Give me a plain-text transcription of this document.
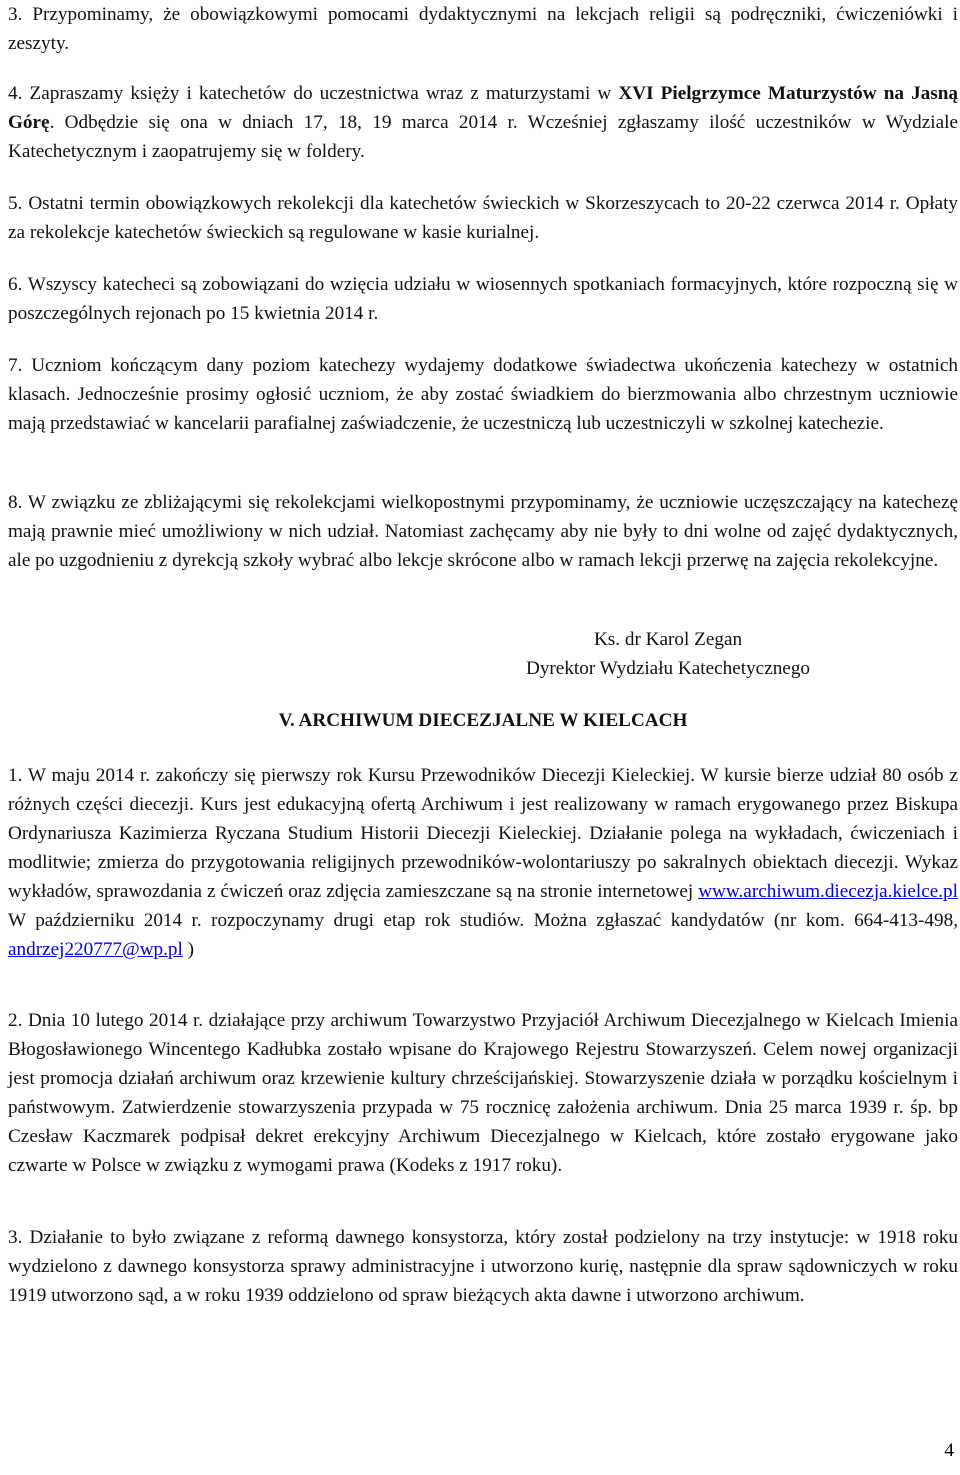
3. Przypominamy, że obowiązkowymi pomocami dydaktycznymi na lekcjach religii są podręczniki, ćwiczeniówki i zeszyty.

4. Zapraszamy księży i katechetów do uczestnictwa wraz z maturzystami w XVI Pielgrzymce Maturzystów na Jasną Górę. Odbędzie się ona w dniach 17, 18, 19 marca 2014 r. Wcześniej zgłaszamy ilość uczestników w Wydziale Katechetycznym i zaopatrujemy się w foldery.

5. Ostatni termin obowiązkowych rekolekcji dla katechetów świeckich w Skorzeszycach to 20-22 czerwca 2014 r. Opłaty za rekolekcje katechetów świeckich są regulowane w kasie kurialnej.

6. Wszyscy katecheci są zobowiązani do wzięcia udziału w wiosennych spotkaniach formacyjnych, które rozpoczną się w poszczególnych rejonach po 15 kwietnia 2014 r.

7. Uczniom kończącym dany poziom katechezy wydajemy dodatkowe świadectwa ukończenia katechezy w ostatnich klasach. Jednocześnie prosimy ogłosić uczniom, że aby zostać świadkiem do bierzmowania albo chrzestnym uczniowie mają przedstawiać w kancelarii parafialnej zaświadczenie, że uczestniczą lub uczestniczyli w szkolnej katechezie.

8. W związku ze zbliżającymi się rekolekcjami wielkopostnymi przypominamy, że uczniowie uczęszczający na katechezę mają prawnie mieć umożliwiony w nich udział. Natomiast zachęcamy aby nie były to dni wolne od zajęć dydaktycznych, ale po uzgodnieniu z dyrekcją szkoły wybrać albo lekcje skrócone albo w ramach lekcji przerwę na zajęcia rekolekcyjne.

Ks. dr Karol Zegan
Dyrektor Wydziału Katechetycznego
V. ARCHIWUM DIECEZJALNE W KIELCACH

1. W maju 2014 r. zakończy się pierwszy rok Kursu Przewodników Diecezji Kieleckiej. W kursie bierze udział 80 osób z różnych części diecezji. Kurs jest edukacyjną ofertą Archiwum i jest realizowany w ramach erygowanego przez Biskupa Ordynariusza Kazimierza Ryczana Studium Historii Diecezji Kieleckiej. Działanie polega na wykładach, ćwiczeniach i modlitwie; zmierza do przygotowania religijnych przewodników-wolontariuszy po sakralnych obiektach diecezji. Wykaz wykładów, sprawozdania z ćwiczeń oraz zdjęcia zamieszczane są na stronie internetowej www.archiwum.diecezja.kielce.pl W październiku 2014 r. rozpoczynamy drugi etap rok studiów. Można zgłaszać kandydatów (nr kom. 664-413-498, andrzej220777@wp.pl )

2. Dnia 10 lutego 2014 r. działające przy archiwum Towarzystwo Przyjaciół Archiwum Diecezjalnego w Kielcach Imienia Błogosławionego Wincentego Kadłubka zostało wpisane do Krajowego Rejestru Stowarzyszeń. Celem nowej organizacji jest promocja działań archiwum oraz krzewienie kultury chrześcijańskiej. Stowarzyszenie działa w porządku kościelnym i państwowym. Zatwierdzenie stowarzyszenia przypada w 75 rocznicę założenia archiwum. Dnia 25 marca 1939 r. śp. bp Czesław Kaczmarek podpisał dekret erekcyjny Archiwum Diecezjalnego w Kielcach, które zostało erygowane jako czwarte w Polsce w związku z wymogami prawa (Kodeks z 1917 roku).

3. Działanie to było związane z reformą dawnego konsystorza, który został podzielony na trzy instytucje: w 1918 roku wydzielono z dawnego konsystorza sprawy administracyjne i utworzono kurię, następnie dla spraw sądowniczych w roku 1919 utworzono sąd, a w roku 1939 oddzielono od spraw bieżących akta dawne i utworzono archiwum.

4
